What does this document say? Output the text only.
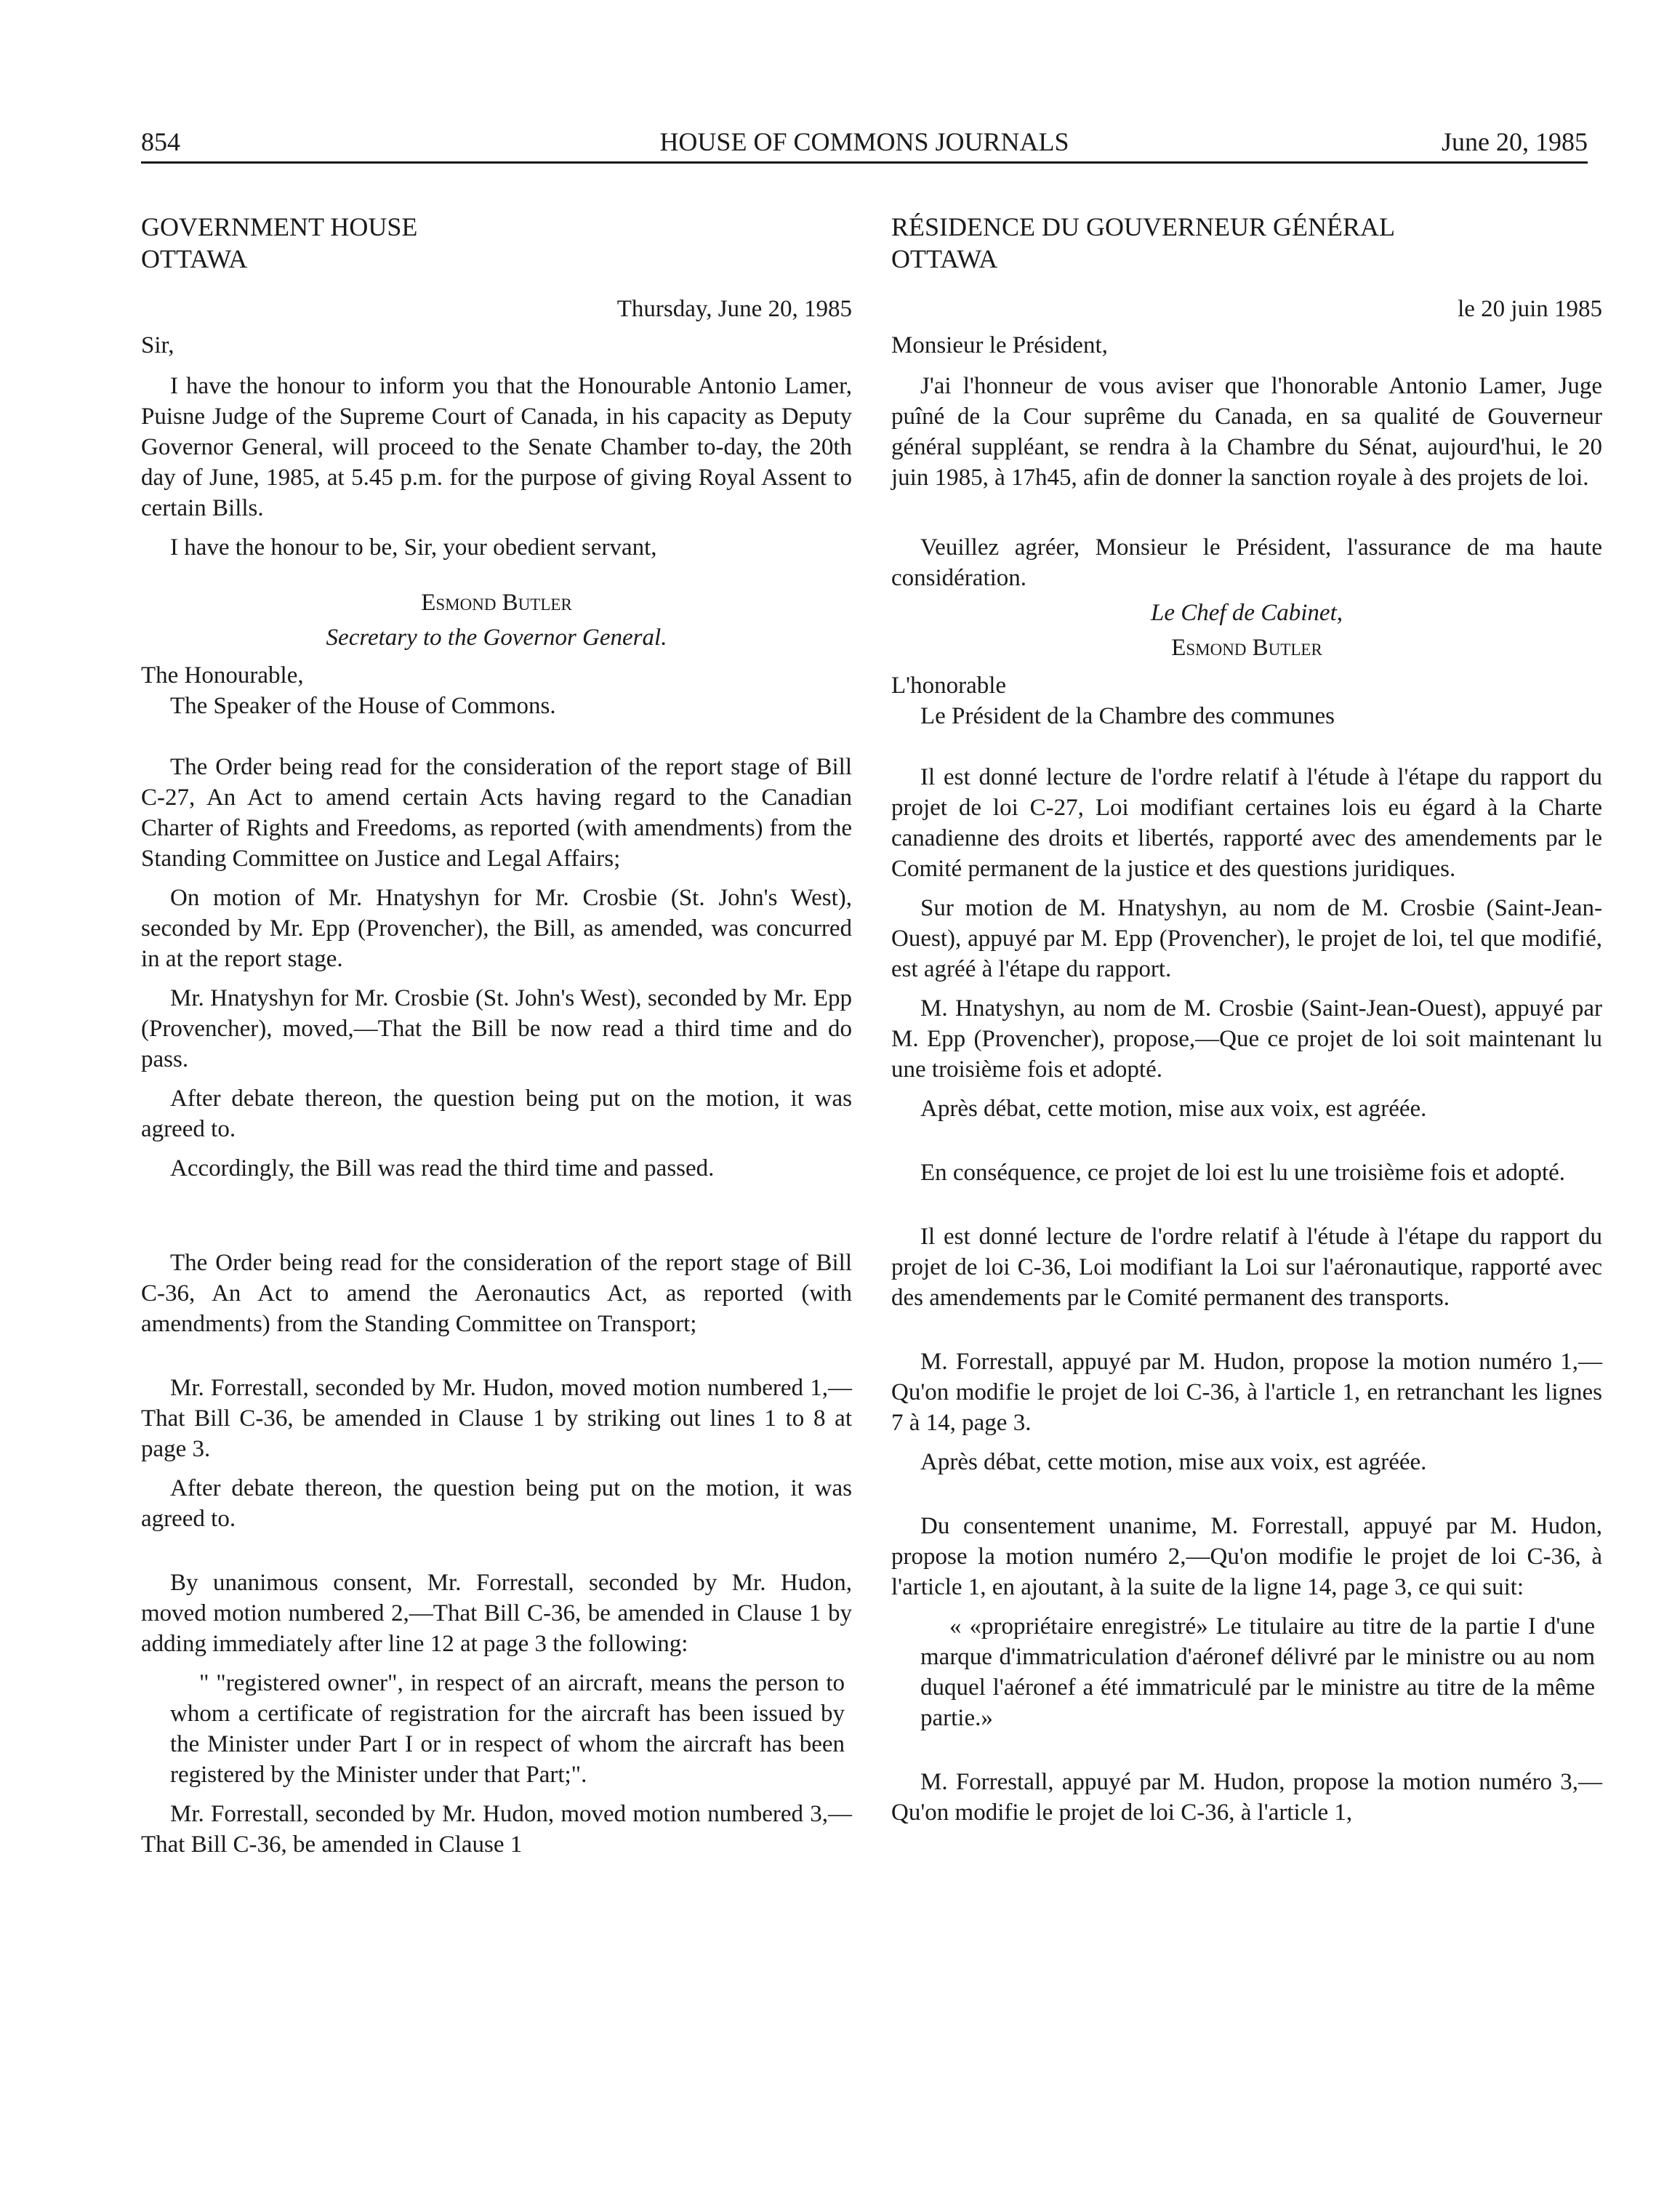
854	HOUSE OF COMMONS JOURNALS	June 20, 1985

GOVERNMENT HOUSE

OTTAWA

Thursday, June 20, 1985

Sir,

I have the honour to inform you that the Honourable Antonio Lamer, Puisne Judge of the Supreme Court of Canada, in his capacity as Deputy Governor General, will proceed to the Senate Chamber to-day, the 20th day of June, 1985, at 5.45 p.m. for the purpose of giving Royal Assent to certain Bills.

I have the honour to be, Sir, your obedient servant,

Esmond Butler

Secretary to the Governor General.

The Honourable,

The Speaker of the House of Commons.

The Order being read for the consideration of the report stage of Bill C-27, An Act to amend certain Acts having regard to the Canadian Charter of Rights and Freedoms, as reported (with amendments) from the Standing Committee on Justice and Legal Affairs;

On motion of Mr. Hnatyshyn for Mr. Crosbie (St. John's West), seconded by Mr. Epp (Provencher), the Bill, as amended, was concurred in at the report stage.

Mr. Hnatyshyn for Mr. Crosbie (St. John's West), seconded by Mr. Epp (Provencher), moved,—That the Bill be now read a third time and do pass.

After debate thereon, the question being put on the motion, it was agreed to.

Accordingly, the Bill was read the third time and passed.

The Order being read for the consideration of the report stage of Bill C-36, An Act to amend the Aeronautics Act, as reported (with amendments) from the Standing Committee on Transport;

Mr. Forrestall, seconded by Mr. Hudon, moved motion numbered 1,—That Bill C-36, be amended in Clause 1 by striking out lines 1 to 8 at page 3.

After debate thereon, the question being put on the motion, it was agreed to.

By unanimous consent, Mr. Forrestall, seconded by Mr. Hudon, moved motion numbered 2,—That Bill C-36, be amended in Clause 1 by adding immediately after line 12 at page 3 the following:

" "registered owner", in respect of an aircraft, means the person to whom a certificate of registration for the aircraft has been issued by the Minister under Part I or in respect of whom the aircraft has been registered by the Minister under that Part;".

Mr. Forrestall, seconded by Mr. Hudon, moved motion numbered 3,—That Bill C-36, be amended in Clause 1

RÉSIDENCE DU GOUVERNEUR GÉNÉRAL

OTTAWA

le 20 juin 1985

Monsieur le Président,

J'ai l'honneur de vous aviser que l'honorable Antonio Lamer, Juge puîné de la Cour suprême du Canada, en sa qualité de Gouverneur général suppléant, se rendra à la Chambre du Sénat, aujourd'hui, le 20 juin 1985, à 17h45, afin de donner la sanction royale à des projets de loi.

Veuillez agréer, Monsieur le Président, l'assurance de ma haute considération.

Le Chef de Cabinet,

Esmond Butler

L'honorable

Le Président de la Chambre des communes

Il est donné lecture de l'ordre relatif à l'étude à l'étape du rapport du projet de loi C-27, Loi modifiant certaines lois eu égard à la Charte canadienne des droits et libertés, rapporté avec des amendements par le Comité permanent de la justice et des questions juridiques.

Sur motion de M. Hnatyshyn, au nom de M. Crosbie (Saint-Jean-Ouest), appuyé par M. Epp (Provencher), le projet de loi, tel que modifié, est agréé à l'étape du rapport.

M. Hnatyshyn, au nom de M. Crosbie (Saint-Jean-Ouest), appuyé par M. Epp (Provencher), propose,—Que ce projet de loi soit maintenant lu une troisième fois et adopté.

Après débat, cette motion, mise aux voix, est agréée.

En conséquence, ce projet de loi est lu une troisième fois et adopté.

Il est donné lecture de l'ordre relatif à l'étude à l'étape du rapport du projet de loi C-36, Loi modifiant la Loi sur l'aéronautique, rapporté avec des amendements par le Comité permanent des transports.

M. Forrestall, appuyé par M. Hudon, propose la motion numéro 1,—Qu'on modifie le projet de loi C-36, à l'article 1, en retranchant les lignes 7 à 14, page 3.

Après débat, cette motion, mise aux voix, est agréée.

Du consentement unanime, M. Forrestall, appuyé par M. Hudon, propose la motion numéro 2,—Qu'on modifie le projet de loi C-36, à l'article 1, en ajoutant, à la suite de la ligne 14, page 3, ce qui suit:

« «propriétaire enregistré» Le titulaire au titre de la partie I d'une marque d'immatriculation d'aéronef délivré par le ministre ou au nom duquel l'aéronef a été immatriculé par le ministre au titre de la même partie.»

M. Forrestall, appuyé par M. Hudon, propose la motion numéro 3,—Qu'on modifie le projet de loi C-36, à l'article 1,
